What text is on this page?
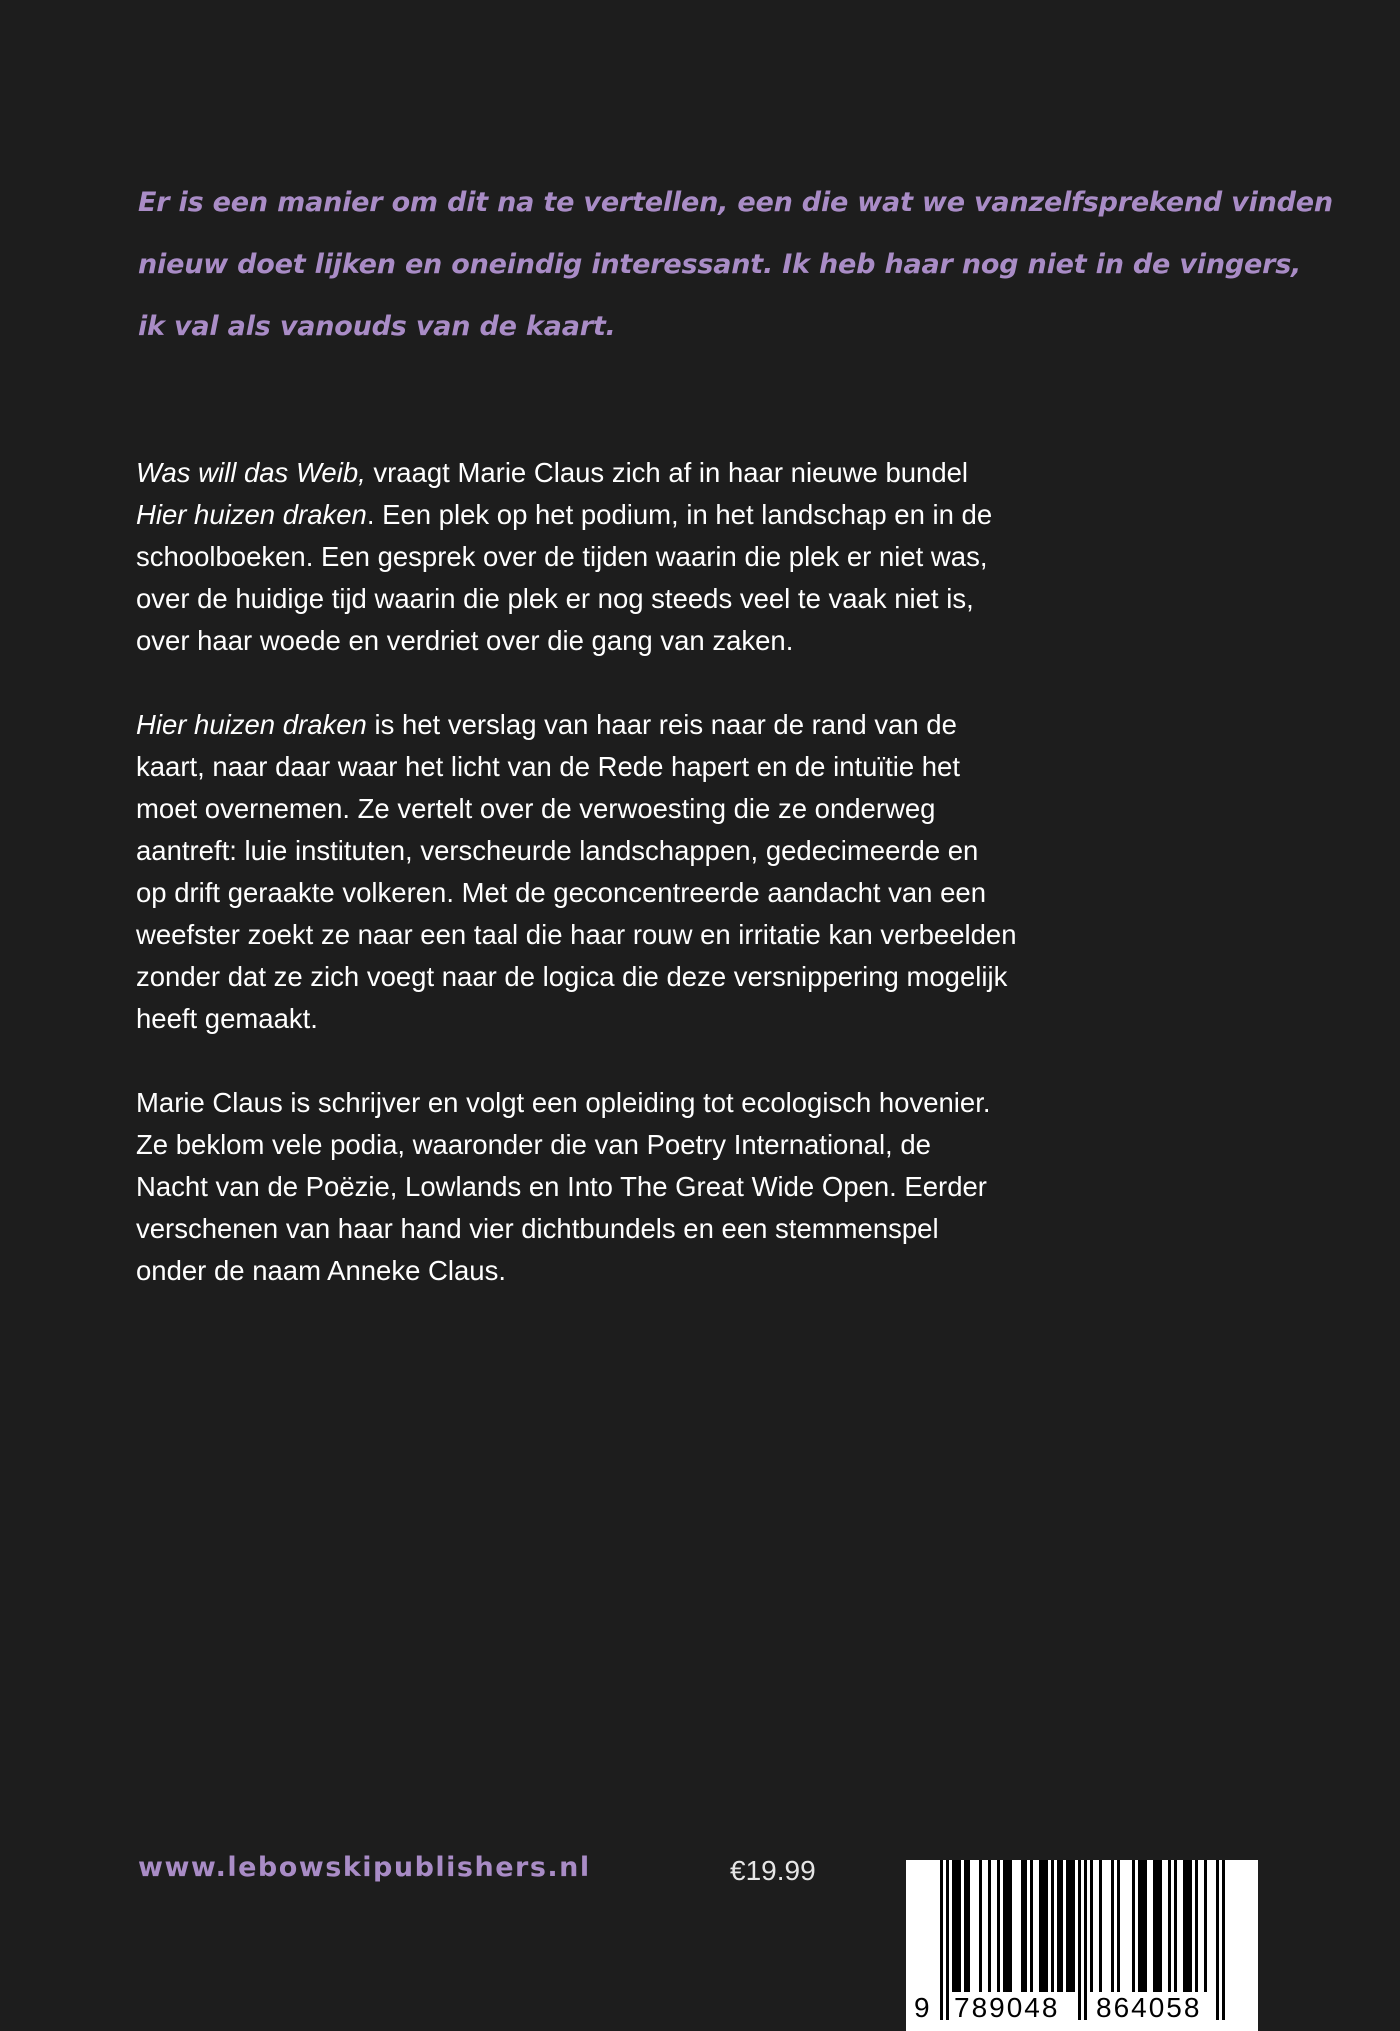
Er is een manier om dit na te vertellen, een die wat we vanzelfsprekend vinden
nieuw doet lijken en oneindig interessant. Ik heb haar nog niet in de vingers,
ik val als vanouds van de kaart.

Was will das Weib, vraagt Marie Claus zich af in haar nieuwe bundel
Hier huizen draken. Een plek op het podium, in het landschap en in de
schoolboeken. Een gesprek over de tijden waarin die plek er niet was,
over de huidige tijd waarin die plek er nog steeds veel te vaak niet is,
over haar woede en verdriet over die gang van zaken.

Hier huizen draken is het verslag van haar reis naar de rand van de
kaart, naar daar waar het licht van de Rede hapert en de intuïtie het
moet overnemen. Ze vertelt over de verwoesting die ze onderweg
aantreft: luie instituten, verscheurde landschappen, gedecimeerde en
op drift geraakte volkeren. Met de geconcentreerde aandacht van een
weefster zoekt ze naar een taal die haar rouw en irritatie kan verbeelden
zonder dat ze zich voegt naar de logica die deze versnippering mogelijk
heeft gemaakt.

Marie Claus is schrijver en volgt een opleiding tot ecologisch hovenier.
Ze beklom vele podia, waaronder die van Poetry International, de
Nacht van de Poëzie, Lowlands en Into The Great Wide Open. Eerder
verschenen van haar hand vier dichtbundels en een stemmenspel
onder de naam Anneke Claus.

www.lebowskipublishers.nl	€19.99
9 789048 864058
